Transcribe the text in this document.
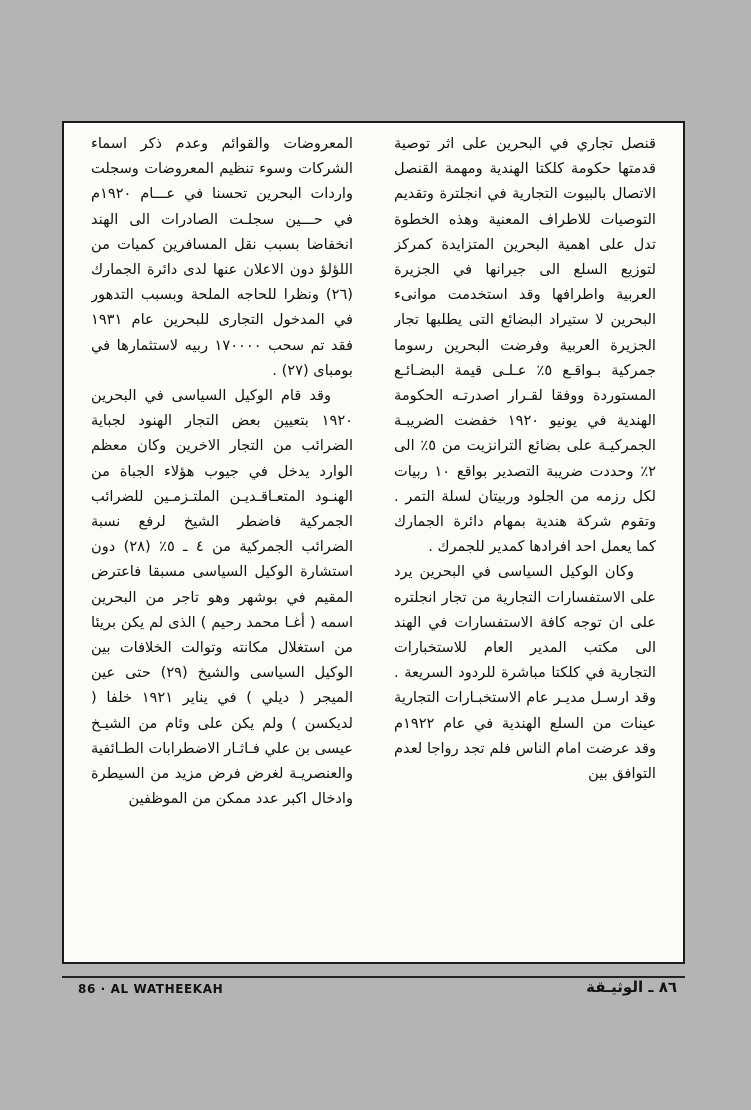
قنصل تجاري في البحرين على اثر توصية قدمتها حكومة كلكتا الهندية ومهمة القنصل الاتصال بالبيوت التجارية في انجلترة وتقديم التوصيات للاطراف المعنية وهذه الخطوة تدل على اهمية البحرين المتزايدة كمركز لتوزيع السلع الى جيرانها في الجزيرة العربية واطرافها وقد استخدمت موانىء البحرين لا ستيراد البضائع التى يطلبها تجار الجزيرة العربية وفرضت البحرين رسوما جمركية بـواقـع ٥٪ عـلـى قيمة البضـائـع المستوردة ووفقا لقـرار اصدرتـه الحكومة الهندية في يونيو ١٩٢٠ خفضت الضريبـة الجمركيـة على بضائع الترانزيت من ٥٪ الى ٢٪ وحددت ضريبة التصدير بواقع ١٠ ربيات لكل رزمه من الجلود وربيتان لسلة التمر . وتقوم شركة هندية بمهام دائرة الجمارك كما يعمل احد افرادها كمدير للجمرك .

وكان الوكيل السياسى في البحرين يرد على الاستفسارات التجارية من تجار انجلتره على ان توجه كافة الاستفسارات في الهند الى مكتب المدير العام للاستخبارات التجارية في كلكتا مباشرة للردود السريعة . وقد ارسـل مديـر عام الاستخبـارات التجارية عينات من السلع الهندية في عام ١٩٢٢م وقد عرضت امام الناس فلم تجد رواجا لعدم التوافق بين

المعروضات والقوائم وعدم ذكر اسماء الشركات وسوء تنظيم المعروضات وسجلت واردات البحرين تحسنا في عـــام ١٩٢٠م في حـــين سجلـت الصادرات الى الهند انخفاضا بسبب نقل المسافرين كميات من اللؤلؤ دون الاعلان عنها لدى دائرة الجمارك (٢٦) ونظرا للحاجه الملحة وبسبب التدهور في المدخول التجارى للبحرين عام ١٩٣١ فقد تم سحب ١٧٠٠٠٠ ربيه لاستثمارها في بومباى (٢٧) .

وقد قام الوكيل السياسى في البحرين ١٩٢٠ بتعيين بعض التجار الهنود لجباية الضرائب من التجار الاخرين وكان معظم الوارد يدخل في جيوب هؤلاء الجباة من الهنـود المتعـاقـديـن الملتـزمـين للضرائب الجمركية فاضطر الشيخ لرفع نسبة الضرائب الجمركية من ٤ ـ ٥٪ (٢٨) دون استشارة الوكيل السياسى مسبقا فاعترض المقيم في بوشهر وهو تاجر من البحرين اسمه ( أغـا محمد رحيم ) الذى لم يكن بريئا من استغلال مكانته وتوالت الخلافات بين الوكيل السياسى والشيخ (٢٩) حتى عين الميجر ( ديلي ) في يناير ١٩٢١ خلفا ( لديكسن ) ولم يكن على وئام من الشيـخ عيسى بن علي فـاثـار الاضطرابات الطـائفية والعنصريـة لغرض فرض مزيد من السيطرة وادخال اكبر عدد ممكن من الموظفين

86 · AL WATHEEKAH	٨٦ ـ الوثيـقة
